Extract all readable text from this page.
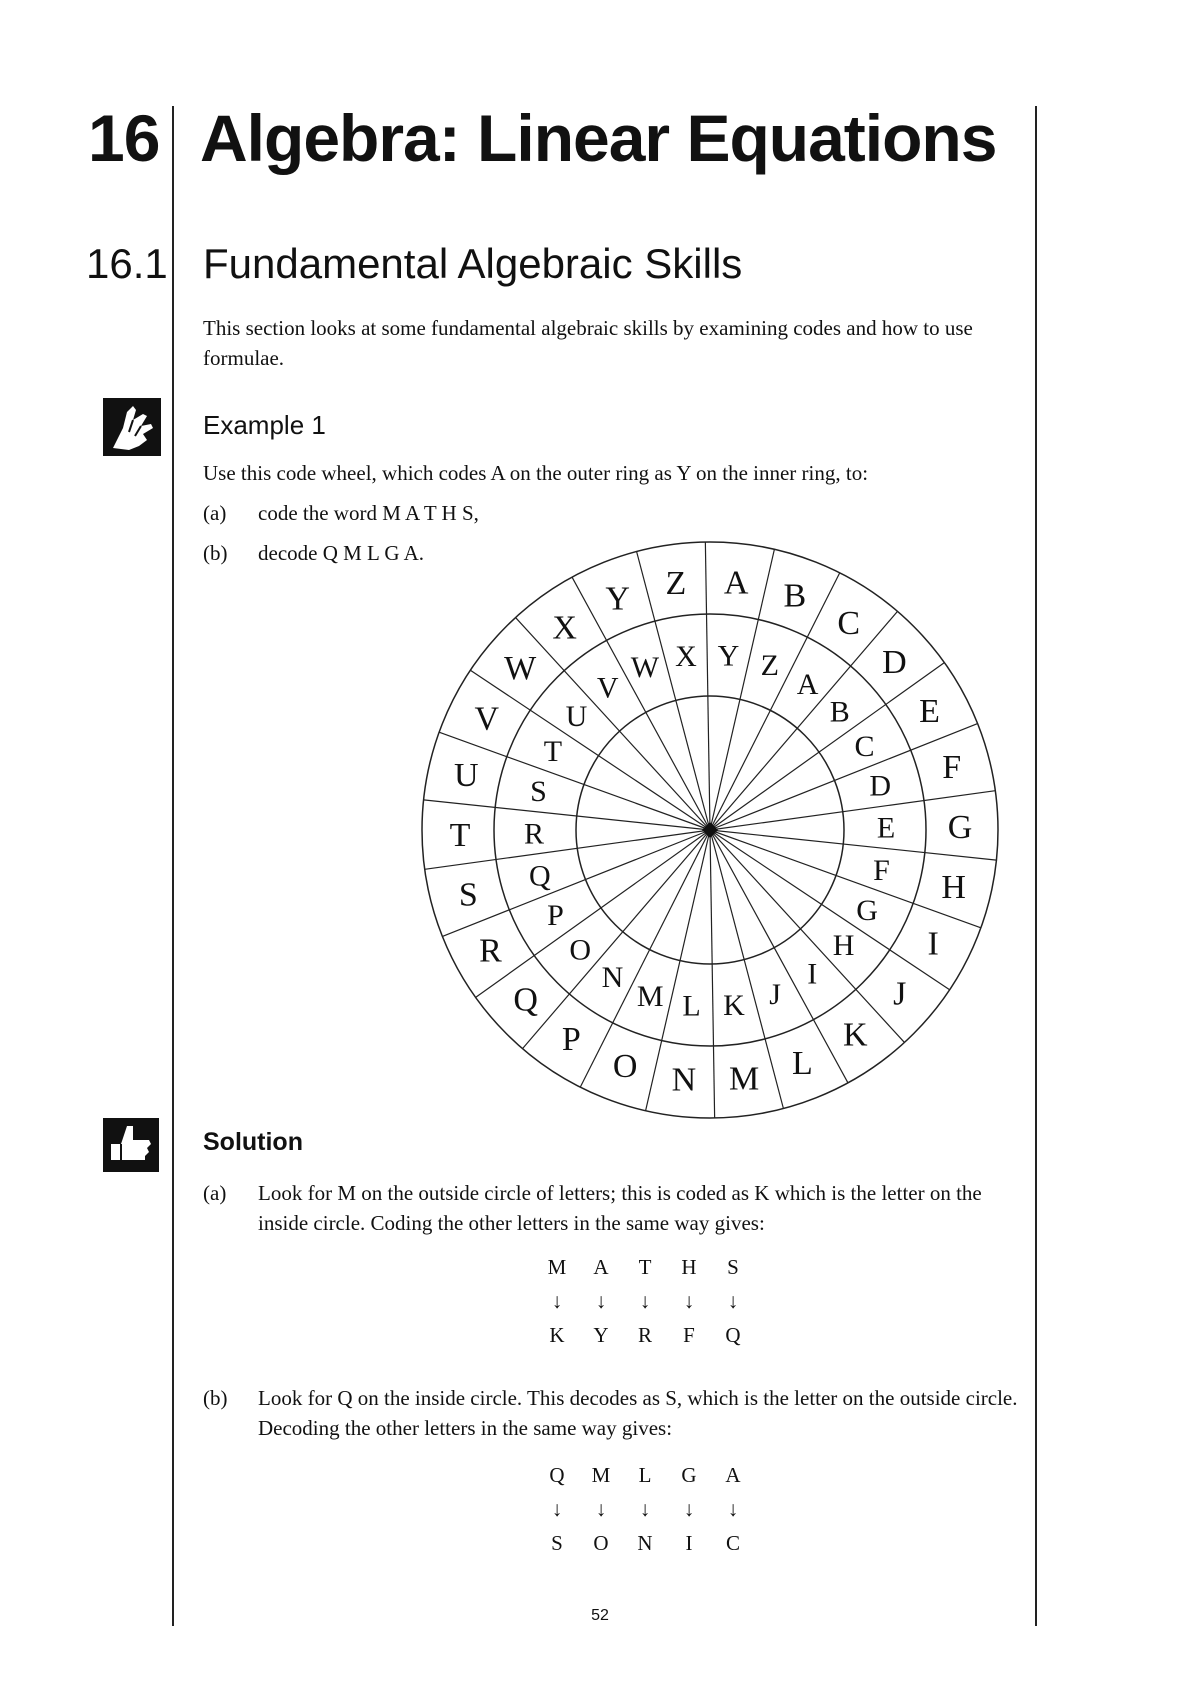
16 Algebra: Linear Equations
16.1 Fundamental Algebraic Skills
This section looks at some fundamental algebraic skills by examining codes and how to use formulae.
Example 1
Use this code wheel, which codes A on the outer ring as Y on the inner ring, to:
(a) code the word M A T H S,
(b) decode Q M L G A.
A B
C
D
E
F
G
H
I
J
K
L
M
N
O
P
Q
R
S
T
U
V
W
X
Y Z
Y Z
A
B
C
D
E
F
G
H
I
J
K
L
M
N
O
P
Q
R
S
T
U
V
W X
Solution
(a) Look for M on the outside circle of letters; this is coded as K which is the letter on the inside circle. Coding the other letters in the same way gives:
M	A	T	H	S
↓	↓	↓	↓	↓
K	Y	R	F	Q
(b) Look for Q on the inside circle. This decodes as S, which is the letter on the outside circle. Decoding the other letters in the same way gives:
Q	M	L	G	A
↓	↓	↓	↓	↓
S	O	N	I	C
52
